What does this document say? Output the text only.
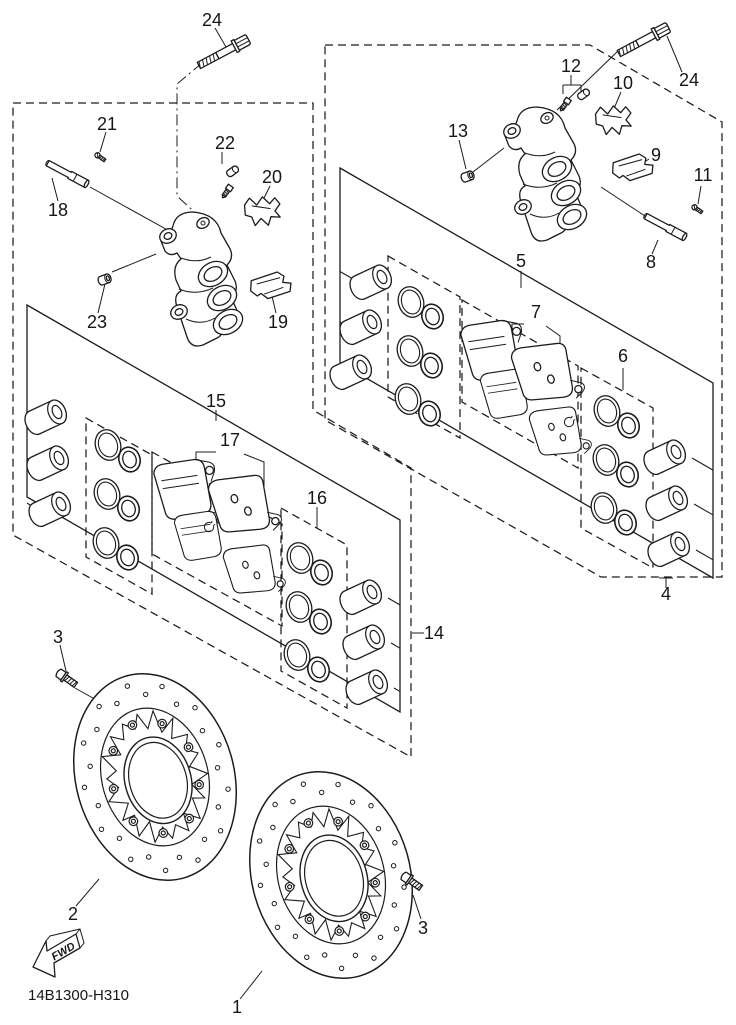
FWD
14B1300-H310
24
21
22
20
18
23	19
15
17
16
3	14
2
12
10
13
9
11
24
8
5
7
6
4
3
1
